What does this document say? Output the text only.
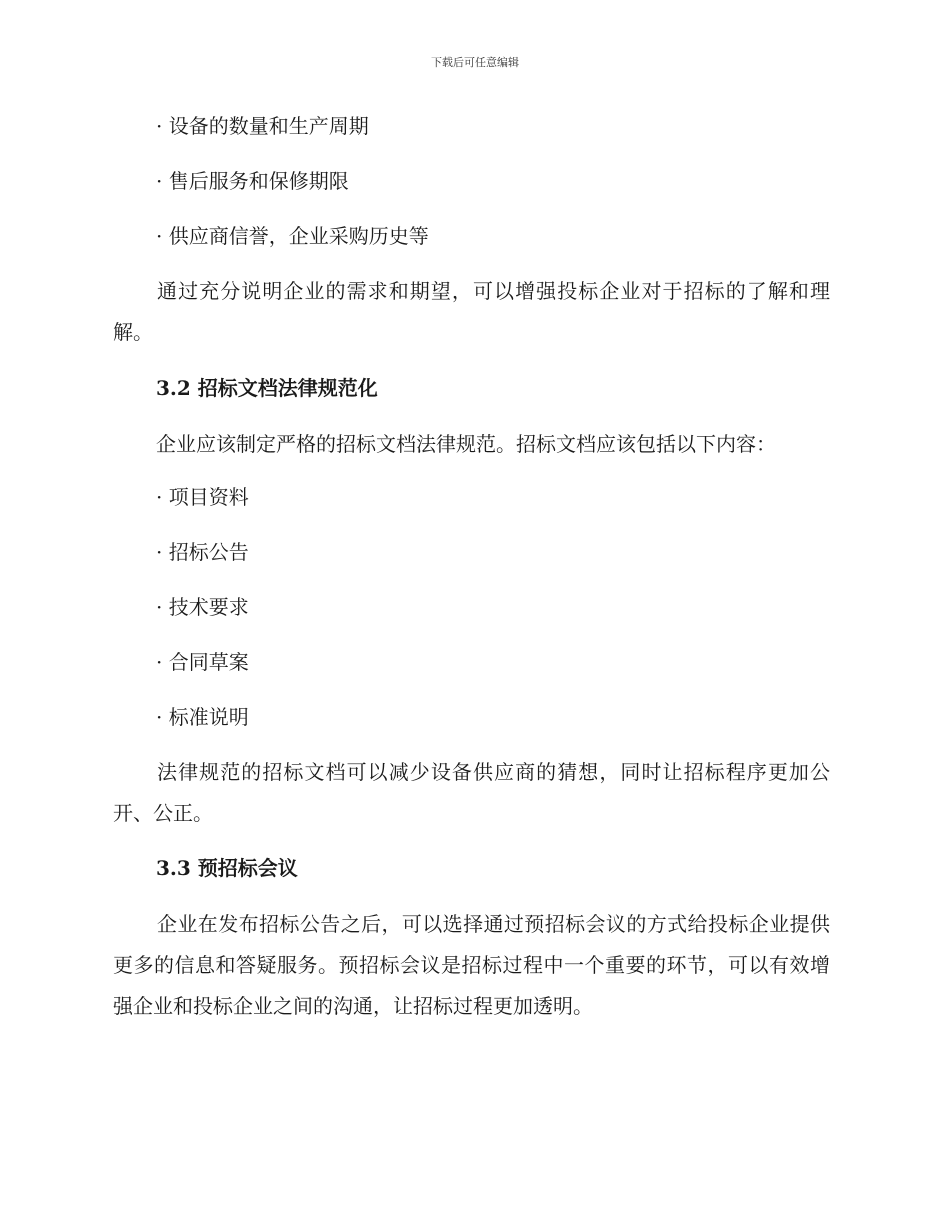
下载后可任意编辑
· 设备的数量和生产周期
· 售后服务和保修期限
· 供应商信誉，企业采购历史等
通过充分说明企业的需求和期望，可以增强投标企业对于招标的了解和理解。
3.2 招标文档法律规范化
企业应该制定严格的招标文档法律规范。招标文档应该包括以下内容：
· 项目资料
· 招标公告
· 技术要求
· 合同草案
· 标准说明
法律规范的招标文档可以减少设备供应商的猜想，同时让招标程序更加公开、公正。
3.3 预招标会议
企业在发布招标公告之后，可以选择通过预招标会议的方式给投标企业提供更多的信息和答疑服务。预招标会议是招标过程中一个重要的环节，可以有效增强企业和投标企业之间的沟通，让招标过程更加透明。
